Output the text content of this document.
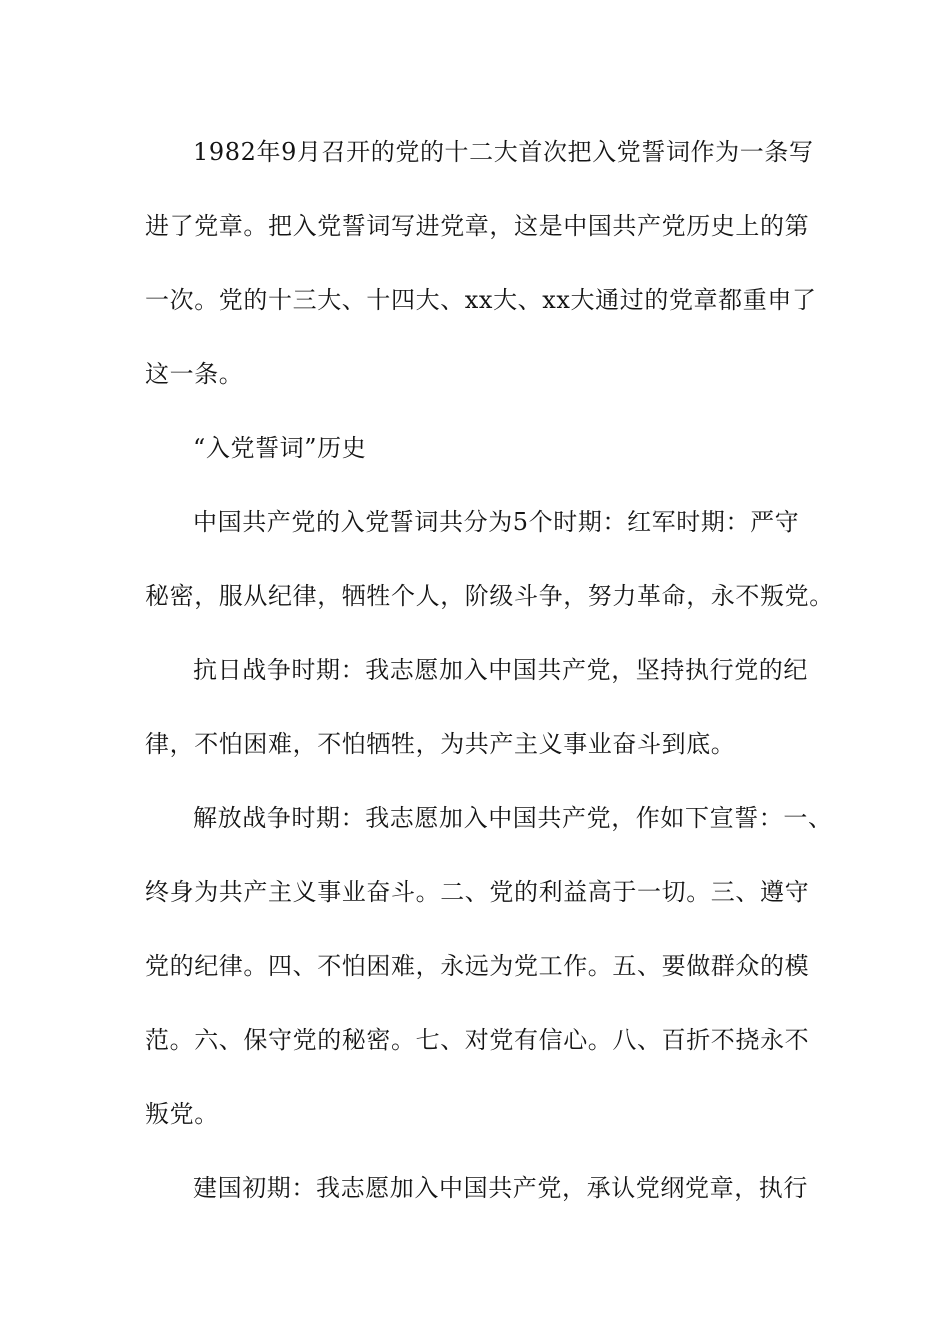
1982年9月召开的党的十二大首次把入党誓词作为一条写
进了党章。把入党誓词写进党章，这是中国共产党历史上的第
一次。党的十三大、十四大、xx大、xx大通过的党章都重申了
这一条。
“入党誓词”历史
中国共产党的入党誓词共分为5个时期：红军时期：严守
秘密，服从纪律，牺牲个人，阶级斗争，努力革命，永不叛党。
抗日战争时期：我志愿加入中国共产党，坚持执行党的纪
律，不怕困难，不怕牺牲，为共产主义事业奋斗到底。
解放战争时期：我志愿加入中国共产党，作如下宣誓：一、
终身为共产主义事业奋斗。二、党的利益高于一切。三、遵守
党的纪律。四、不怕困难，永远为党工作。五、要做群众的模
范。六、保守党的秘密。七、对党有信心。八、百折不挠永不
叛党。
建国初期：我志愿加入中国共产党，承认党纲党章，执行
